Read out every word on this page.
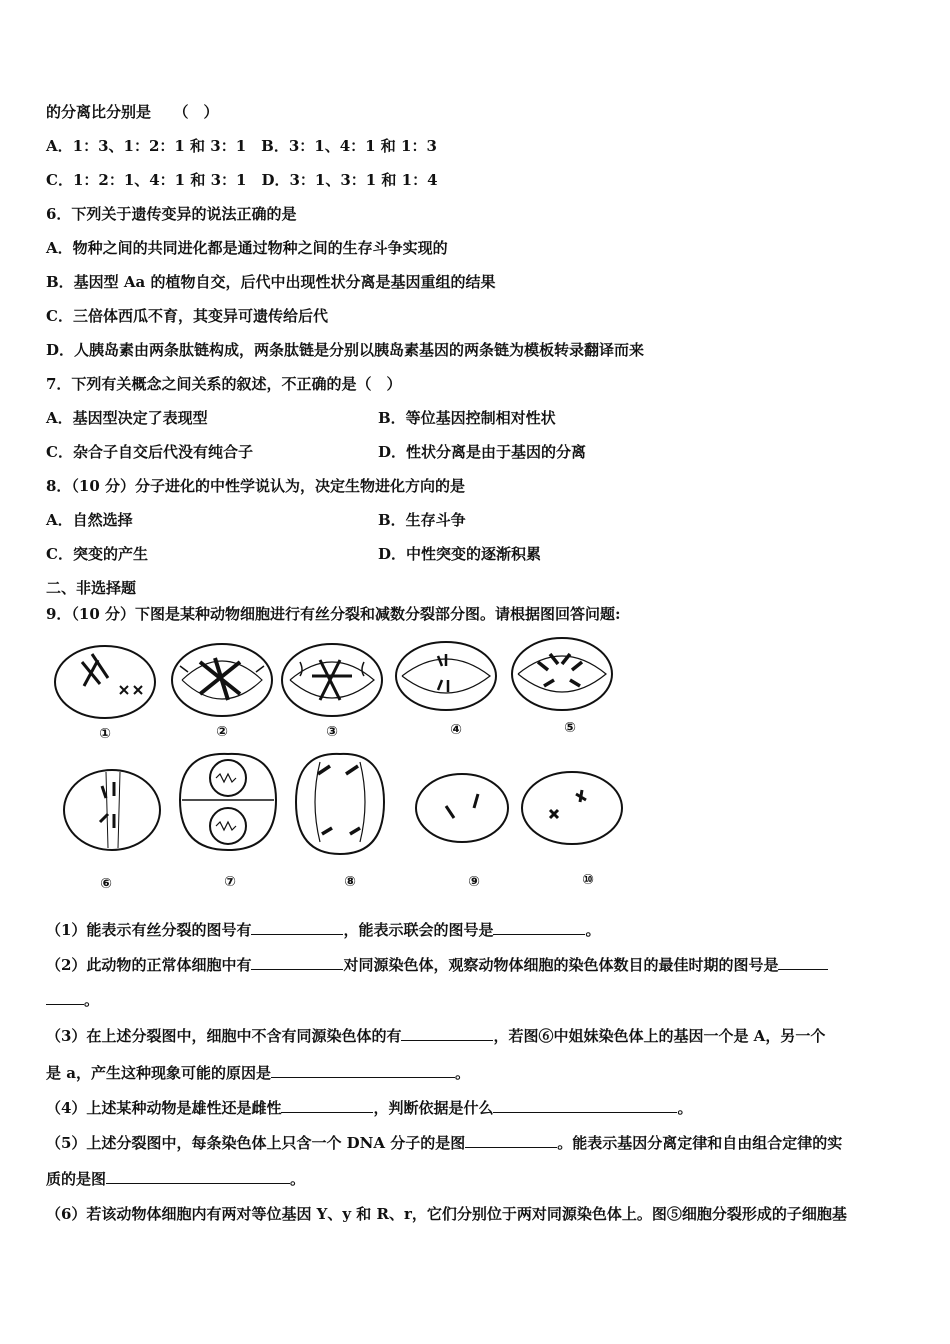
的分离比分别是　　（　）
A．1：3、1：2：1 和 3：1　B．3：1、4：1 和 1：3
C．1：2：1、4：1 和 3：1　D．3：1、3：1 和 1：4
6．下列关于遗传变异的说法正确的是
A．物种之间的共同进化都是通过物种之间的生存斗争实现的
B．基因型 Aa 的植物自交，后代中出现性状分离是基因重组的结果
C．三倍体西瓜不育，其变异可遗传给后代
D．人胰岛素由两条肽链构成，两条肽链是分别以胰岛素基因的两条链为模板转录翻译而来
7．下列有关概念之间关系的叙述，不正确的是（　）
A．基因型决定了表现型	B．等位基因控制相对性状
C．杂合子自交后代没有纯合子	D．性状分离是由于基因的分离
8．（10 分）分子进化的中性学说认为，决定生物进化方向的是
A．自然选择	B．生存斗争
C．突变的产生	D．中性突变的逐渐积累
二、非选择题
9．（10 分）下图是某种动物细胞进行有丝分裂和减数分裂部分图。请根据图回答问题:
①	②	③	④	⑤
⑥	⑦	⑧	⑨	⑩
（1）能表示有丝分裂的图号有	，能表示联会的图号是	。
（2）此动物的正常体细胞中有	对同源染色体，观察动物体细胞的染色体数目的最佳时期的图号是
。
（3）在上述分裂图中，细胞中不含有同源染色体的有	，若图⑥中姐妹染色体上的基因一个是 A，另一个
是 a，产生这种现象可能的原因是	。
（4）上述某种动物是雄性还是雌性	，判断依据是什么	。
（5）上述分裂图中，每条染色体上只含一个 DNA 分子的是图	。能表示基因分离定律和自由组合定律的实
质的是图	。
（6）若该动物体细胞内有两对等位基因 Y、y 和 R、r，它们分别位于两对同源染色体上。图⑤细胞分裂形成的子细胞基
